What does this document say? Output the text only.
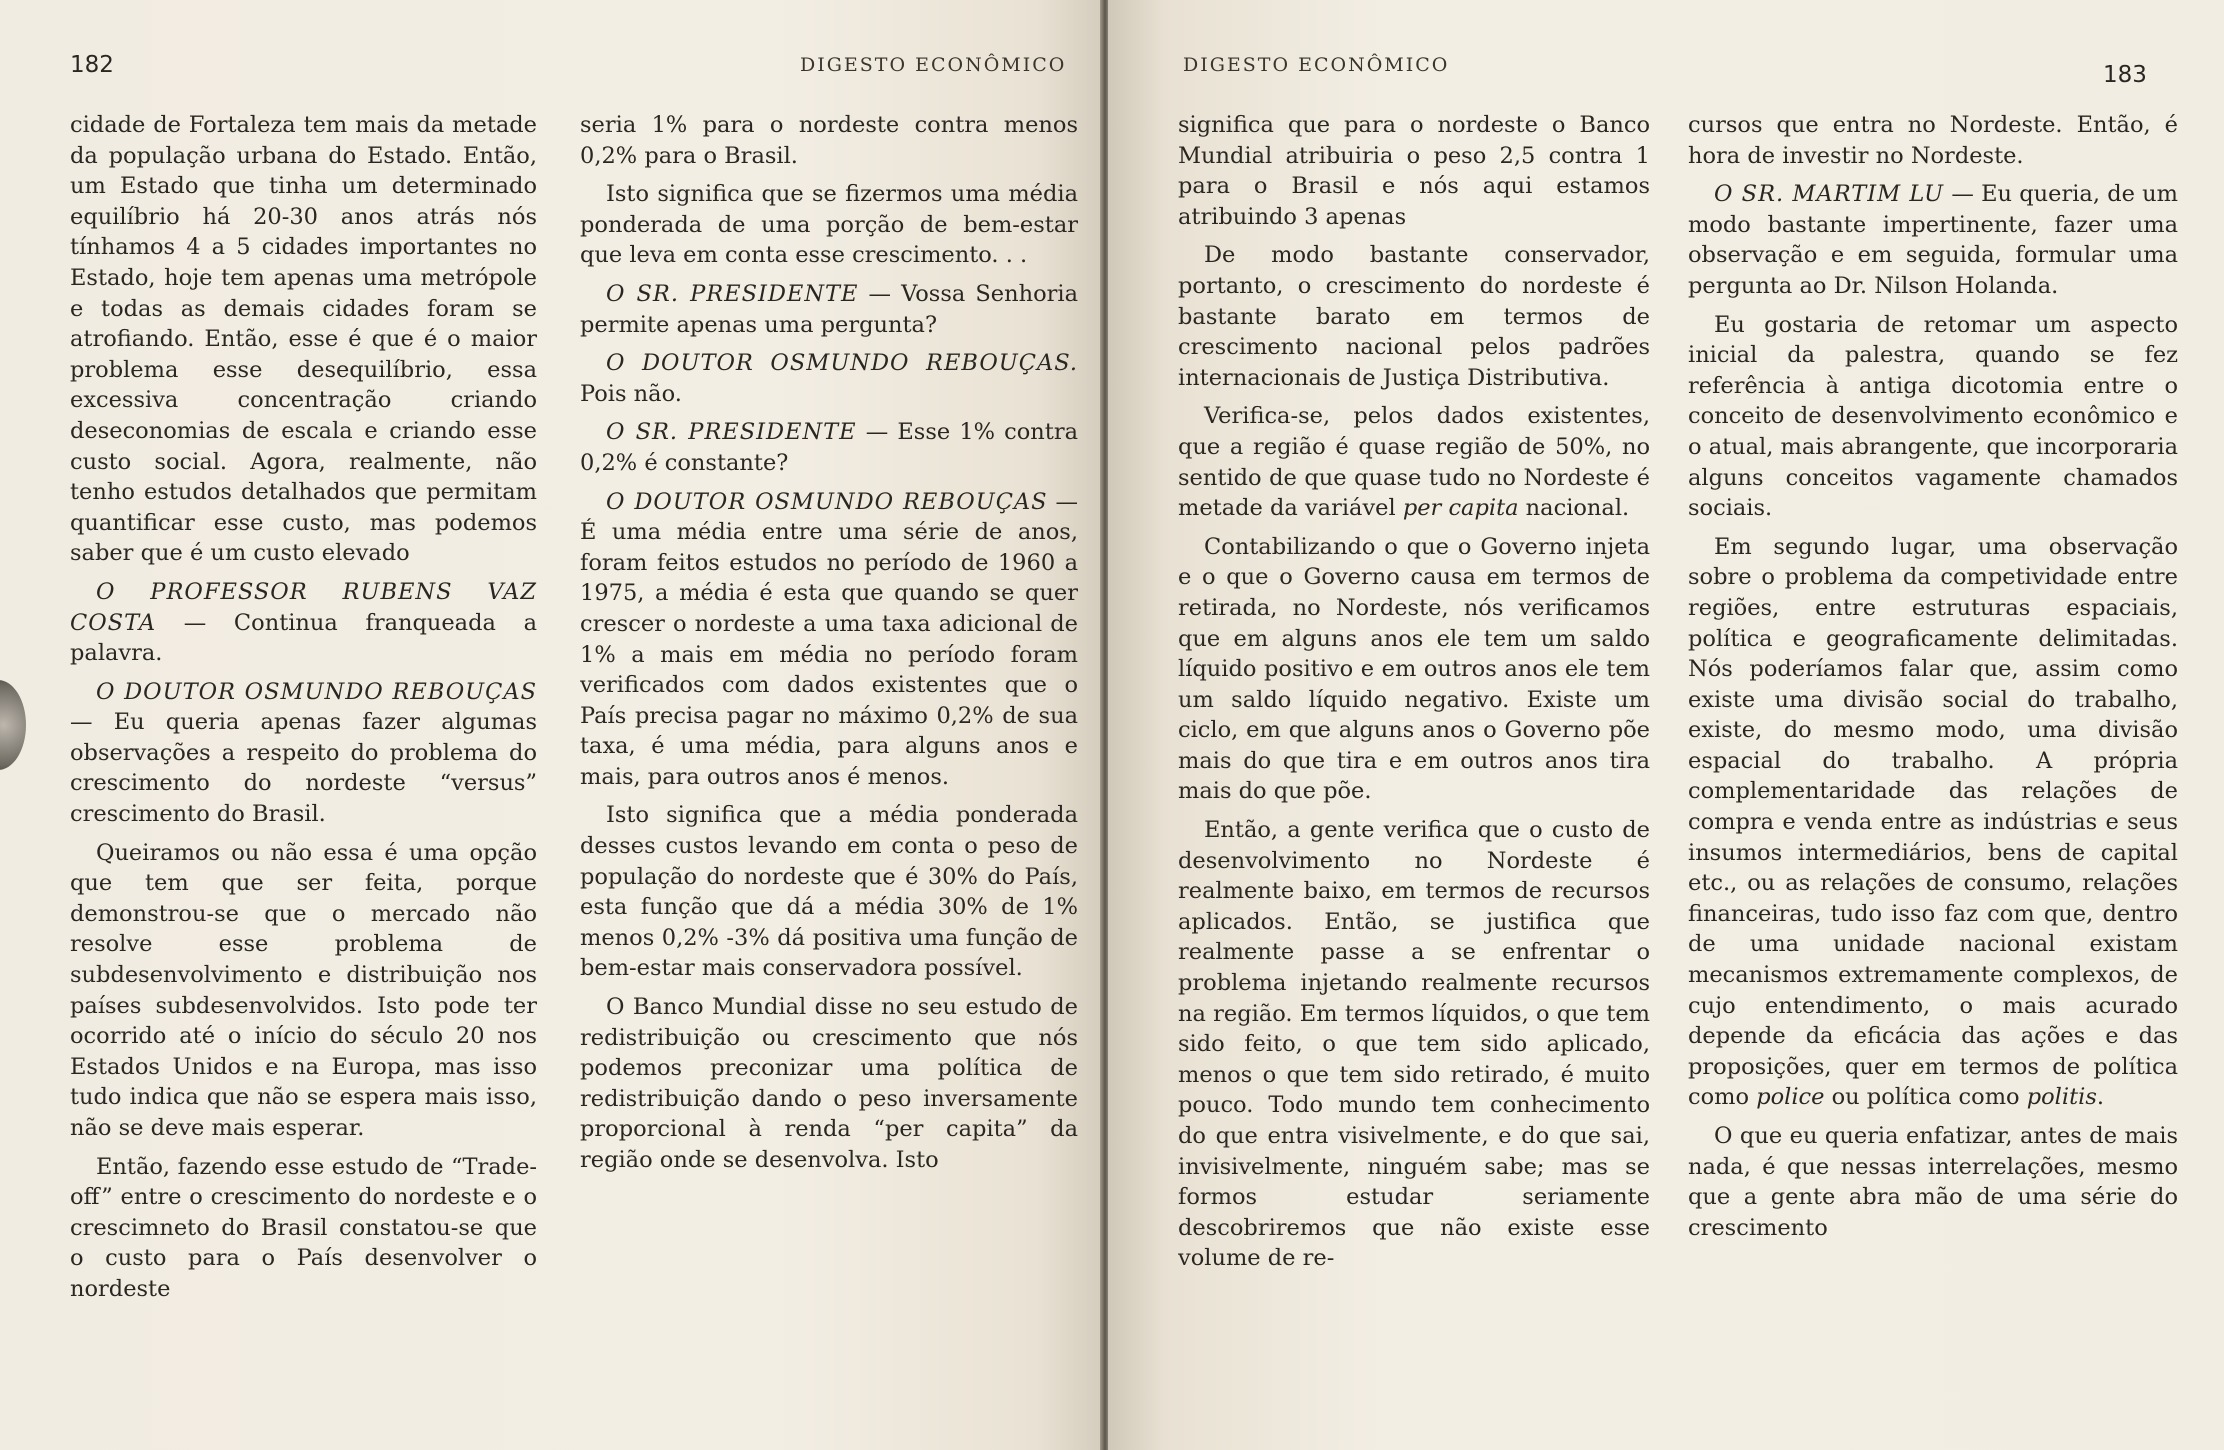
182	DIGESTO ECONÔMICO

cidade de Fortaleza tem mais da metade da população urbana do Estado. Então, um Estado que tinha um determinado equilíbrio há 20-30 anos atrás nós tínhamos 4 a 5 cidades importantes no Estado, hoje tem apenas uma metrópole e todas as demais cidades foram se atrofiando. Então, esse é que é o maior problema esse desequilíbrio, essa excessiva concentração criando deseconomias de escala e criando esse custo social. Agora, realmente, não tenho estudos detalhados que permitam quantificar esse custo, mas podemos saber que é um custo elevado

O PROFESSOR RUBENS VAZ COSTA — Continua franqueada a palavra.

O DOUTOR OSMUNDO REBOUÇAS — Eu queria apenas fazer algumas observações a respeito do problema do crescimento do nordeste “versus” crescimento do Brasil.

Queiramos ou não essa é uma opção que tem que ser feita, porque demonstrou-se que o mercado não resolve esse problema de subdesenvolvimento e distribuição nos países subdesenvolvidos. Isto pode ter ocorrido até o início do século 20 nos Estados Unidos e na Europa, mas isso tudo indica que não se espera mais isso, não se deve mais esperar.

Então, fazendo esse estudo de “Trade-off” entre o crescimento do nordeste e o crescimneto do Brasil constatou-se que o custo para o País desenvolver o nordeste

seria 1% para o nordeste contra menos 0,2% para o Brasil.

Isto significa que se fizermos uma média ponderada de uma porção de bem-estar que leva em conta esse crescimento. . .

O SR. PRESIDENTE — Vossa Senhoria permite apenas uma pergunta?

O DOUTOR OSMUNDO REBOUÇAS. Pois não.

O SR. PRESIDENTE — Esse 1% contra 0,2% é constante?

O DOUTOR OSMUNDO REBOUÇAS — É uma média entre uma série de anos, foram feitos estudos no período de 1960 a 1975, a média é esta que quando se quer crescer o nordeste a uma taxa adicional de 1% a mais em média no período foram verificados com dados existentes que o País precisa pagar no máximo 0,2% de sua taxa, é uma média, para alguns anos e mais, para outros anos é menos.

Isto significa que a média ponderada desses custos levando em conta o peso de população do nordeste que é 30% do País, esta função que dá a média 30% de 1% menos 0,2% -3% dá positiva uma função de bem-estar mais conservadora possível.

O Banco Mundial disse no seu estudo de redistribuição ou crescimento que nós podemos preconizar uma política de redistribuição dando o peso inversamente proporcional à renda “per capita” da região onde se desenvolva. Isto

DIGESTO ECONÔMICO	183

significa que para o nordeste o Banco Mundial atribuiria o peso 2,5 contra 1 para o Brasil e nós aqui estamos atribuindo 3 apenas

De modo bastante conservador, portanto, o crescimento do nordeste é bastante barato em termos de crescimento nacional pelos padrões internacionais de Justiça Distributiva.

Verifica-se, pelos dados existentes, que a região é quase região de 50%, no sentido de que quase tudo no Nordeste é metade da variável per capita nacional.

Contabilizando o que o Governo injeta e o que o Governo causa em termos de retirada, no Nordeste, nós verificamos que em alguns anos ele tem um saldo líquido positivo e em outros anos ele tem um saldo líquido negativo. Existe um ciclo, em que alguns anos o Governo põe mais do que tira e em outros anos tira mais do que põe.

Então, a gente verifica que o custo de desenvolvimento no Nordeste é realmente baixo, em termos de recursos aplicados. Então, se justifica que realmente passe a se enfrentar o problema injetando realmente recursos na região. Em termos líquidos, o que tem sido feito, o que tem sido aplicado, menos o que tem sido retirado, é muito pouco. Todo mundo tem conhecimento do que entra visivelmente, e do que sai, invisivelmente, ninguém sabe; mas se formos estudar seriamente descobriremos que não existe esse volume de re-

cursos que entra no Nordeste. Então, é hora de investir no Nordeste.

O SR. MARTIM LU — Eu queria, de um modo bastante impertinente, fazer uma observação e em seguida, formular uma pergunta ao Dr. Nilson Holanda.

Eu gostaria de retomar um aspecto inicial da palestra, quando se fez referência à antiga dicotomia entre o conceito de desenvolvimento econômico e o atual, mais abrangente, que incorporaria alguns conceitos vagamente chamados sociais.

Em segundo lugar, uma observação sobre o problema da competividade entre regiões, entre estruturas espaciais, política e geograficamente delimitadas. Nós poderíamos falar que, assim como existe uma divisão social do trabalho, existe, do mesmo modo, uma divisão espacial do trabalho. A própria complementaridade das relações de compra e venda entre as indústrias e seus insumos intermediários, bens de capital etc., ou as relações de consumo, relações financeiras, tudo isso faz com que, dentro de uma unidade nacional existam mecanismos extremamente complexos, de cujo entendimento, o mais acurado depende da eficácia das ações e das proposições, quer em termos de política como police ou política como politis.

O que eu queria enfatizar, antes de mais nada, é que nessas interrelações, mesmo que a gente abra mão de uma série do crescimento
